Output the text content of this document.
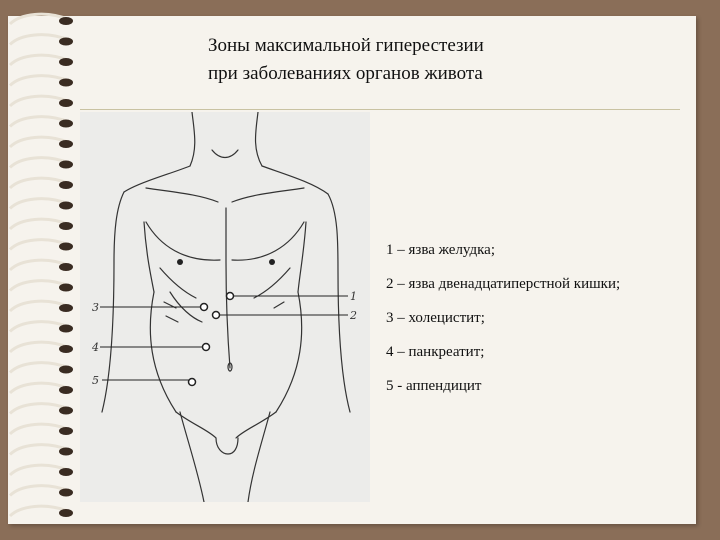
Зоны максимальной гиперестезии
при заболеваниях органов живота
1 – язва желудка;
2 – язва двенадцатиперстной кишки;
3 – холецистит;
4 – панкреатит;
5 - аппендицит
1
2
3
4
5
